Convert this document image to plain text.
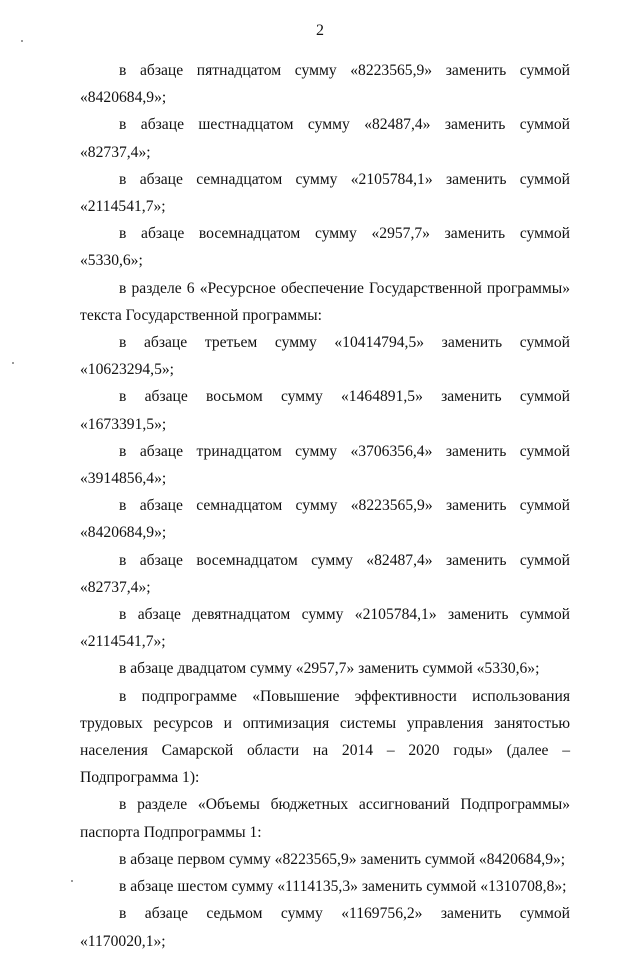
2

в абзаце пятнадцатом сумму «8223565,9» заменить суммой «8420684,9»;

в абзаце шестнадцатом сумму «82487,4» заменить суммой «82737,4»;

в абзаце семнадцатом сумму «2105784,1» заменить суммой «2114541,7»;

в абзаце восемнадцатом сумму «2957,7» заменить суммой «5330,6»;

в разделе 6 «Ресурсное обеспечение Государственной программы» текста Государственной программы:

в абзаце третьем сумму «10414794,5» заменить суммой «10623294,5»;

в абзаце восьмом сумму «1464891,5» заменить суммой «1673391,5»;

в абзаце тринадцатом сумму «3706356,4» заменить суммой «3914856,4»;

в абзаце семнадцатом сумму «8223565,9» заменить суммой «8420684,9»;

в абзаце восемнадцатом сумму «82487,4» заменить суммой «82737,4»;

в абзаце девятнадцатом сумму «2105784,1» заменить суммой «2114541,7»;

в абзаце двадцатом сумму «2957,7» заменить суммой «5330,6»;

в подпрограмме «Повышение эффективности использования трудовых ресурсов и оптимизация системы управления занятостью населения Самарской области на 2014 – 2020 годы» (далее – Подпрограмма 1):

в разделе «Объемы бюджетных ассигнований Подпрограммы» паспорта Подпрограммы 1:

в абзаце первом сумму «8223565,9» заменить суммой «8420684,9»;

в абзаце шестом сумму «1114135,3» заменить суммой «1310708,8»;

в абзаце седьмом сумму «1169756,2» заменить суммой «1170020,1»;
